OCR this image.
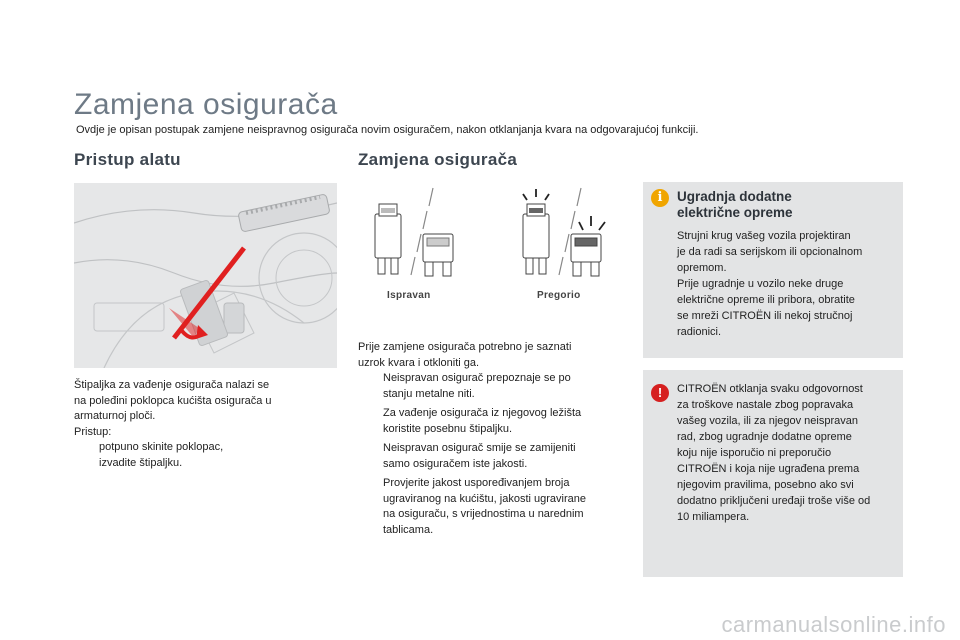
Zamjena osigurača
Ovdje je opisan postupak zamjene neispravnog osigurača novim osiguračem, nakon otklanjanja kvara na odgovarajućoj funkciji.
Pristup alatu

Štipaljka za vađenje osigurača nalazi se

na poleđini poklopca kućišta osigurača u

armaturnoj ploči.

Pristup:

potpuno skinite poklopac,
izvadite štipaljku.
Zamjena osigurača
Ispravan	Pregorio

Prije zamjene osigurača potrebno je saznati

uzrok kvara i otkloniti ga.

Neispravan osigurač prepoznaje se po
stanju metalne niti.
Za vađenje osigurača iz njegovog ležišta
koristite posebnu štipaljku.
Neispravan osigurač smije se zamijeniti
samo osiguračem iste jakosti.
Provjerite jakost uspoređivanjem broja
ugraviranog na kućištu, jakosti ugravirane
na osiguraču, s vrijednostima u narednim
tablicama.
i	Ugradnja dodatne
električne opreme

Strujni krug vašeg vozila projektiran

je da radi sa serijskom ili opcionalnom

opremom.

Prije ugradnje u vozilo neke druge

električne opreme ili pribora, obratite

se mreži CITROËN ili nekoj stručnoj

radionici.

!	CITROËN otklanja svaku odgovornost

za troškove nastale zbog popravaka

vašeg vozila, ili za njegov neispravan

rad, zbog ugradnje dodatne opreme

koju nije isporučio ni preporučio

CITROËN i koja nije ugrađena prema

njegovim pravilima, posebno ako svi

dodatno priključeni uređaji troše više od

10 miliampera.

carmanualsonline.info
